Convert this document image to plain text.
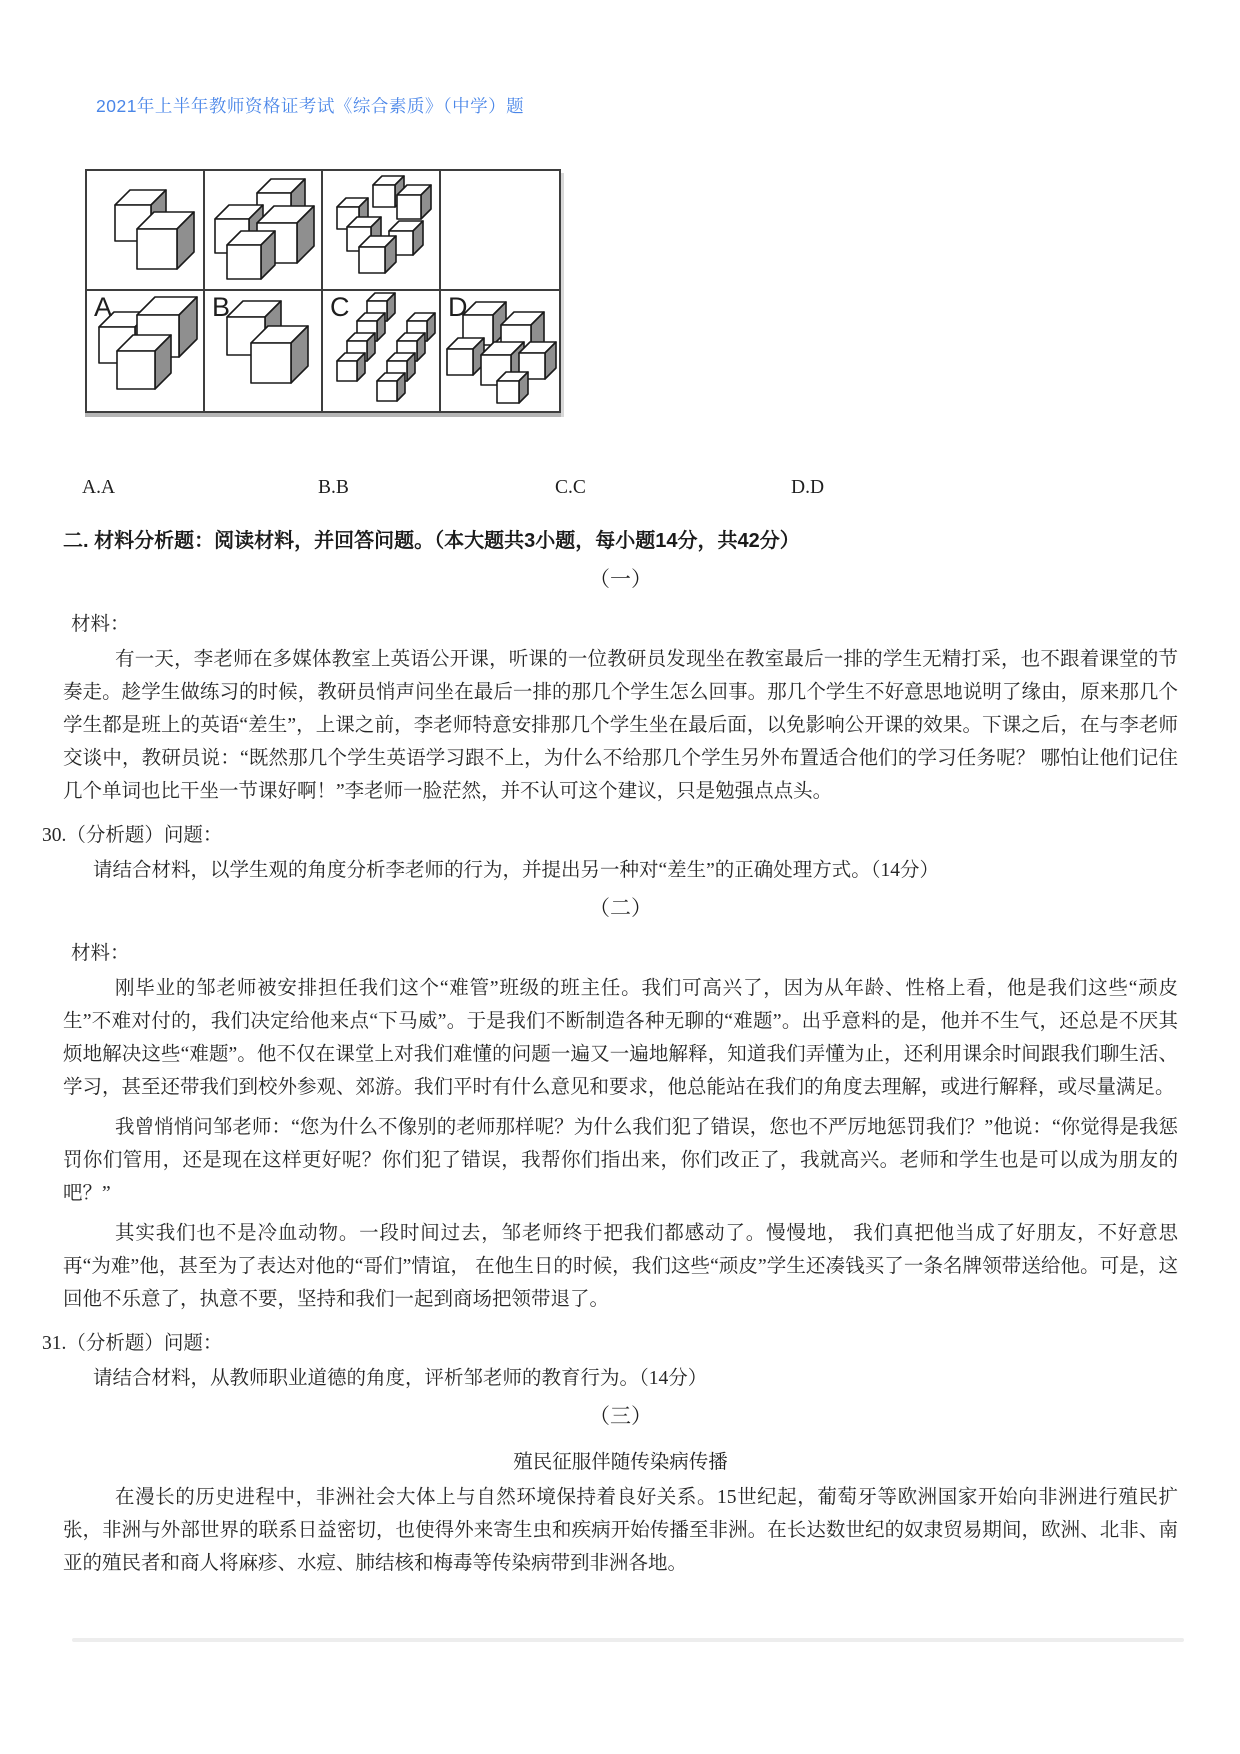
2021年上半年教师资格证考试《综合素质》（中学）题
A	B	C	D
A.A	B.B	C.C	D.D
二. 材料分析题：阅读材料，并回答问题。（本大题共3小题，每小题14分，共42分）
（一）

材料：

有一天，李老师在多媒体教室上英语公开课，听课的一位教研员发现坐在教室最后一排的学生无精打采，也不跟着课堂的节奏走。趁学生做练习的时候，教研员悄声问坐在最后一排的那几个学生怎么回事。那几个学生不好意思地说明了缘由，原来那几个学生都是班上的英语“差生”，上课之前，李老师特意安排那几个学生坐在最后面，以免影响公开课的效果。下课之后，在与李老师交谈中，教研员说：“既然那几个学生英语学习跟不上，为什么不给那几个学生另外布置适合他们的学习任务呢？ 哪怕让他们记住几个单词也比干坐一节课好啊！”李老师一脸茫然，并不认可这个建议，只是勉强点点头。

30.（分析题）问题：

请结合材料，以学生观的角度分析李老师的行为，并提出另一种对“差生”的正确处理方式。（14分）

（二）

材料：

刚毕业的邹老师被安排担任我们这个“难管”班级的班主任。我们可高兴了，因为从年龄、性格上看，他是我们这些“顽皮生”不难对付的，我们决定给他来点“下马威”。于是我们不断制造各种无聊的“难题”。出乎意料的是，他并不生气，还总是不厌其烦地解决这些“难题”。他不仅在课堂上对我们难懂的问题一遍又一遍地解释，知道我们弄懂为止，还利用课余时间跟我们聊生活、学习，甚至还带我们到校外参观、郊游。我们平时有什么意见和要求，他总能站在我们的角度去理解，或进行解释，或尽量满足。

我曾悄悄问邹老师：“您为什么不像别的老师那样呢？为什么我们犯了错误，您也不严厉地惩罚我们？”他说：“你觉得是我惩罚你们管用，还是现在这样更好呢？你们犯了错误，我帮你们指出来，你们改正了，我就高兴。老师和学生也是可以成为朋友的吧？”

其实我们也不是冷血动物。一段时间过去，邹老师终于把我们都感动了。慢慢地， 我们真把他当成了好朋友，不好意思再“为难”他，甚至为了表达对他的“哥们”情谊， 在他生日的时候，我们这些“顽皮”学生还凑钱买了一条名牌领带送给他。可是，这回他不乐意了，执意不要，坚持和我们一起到商场把领带退了。

31.（分析题）问题：

请结合材料，从教师职业道德的角度，评析邹老师的教育行为。（14分）

（三）
殖民征服伴随传染病传播

在漫长的历史进程中，非洲社会大体上与自然环境保持着良好关系。15世纪起，葡萄牙等欧洲国家开始向非洲进行殖民扩张，非洲与外部世界的联系日益密切，也使得外来寄生虫和疾病开始传播至非洲。在长达数世纪的奴隶贸易期间，欧洲、北非、南亚的殖民者和商人将麻疹、水痘、肺结核和梅毒等传染病带到非洲各地。
